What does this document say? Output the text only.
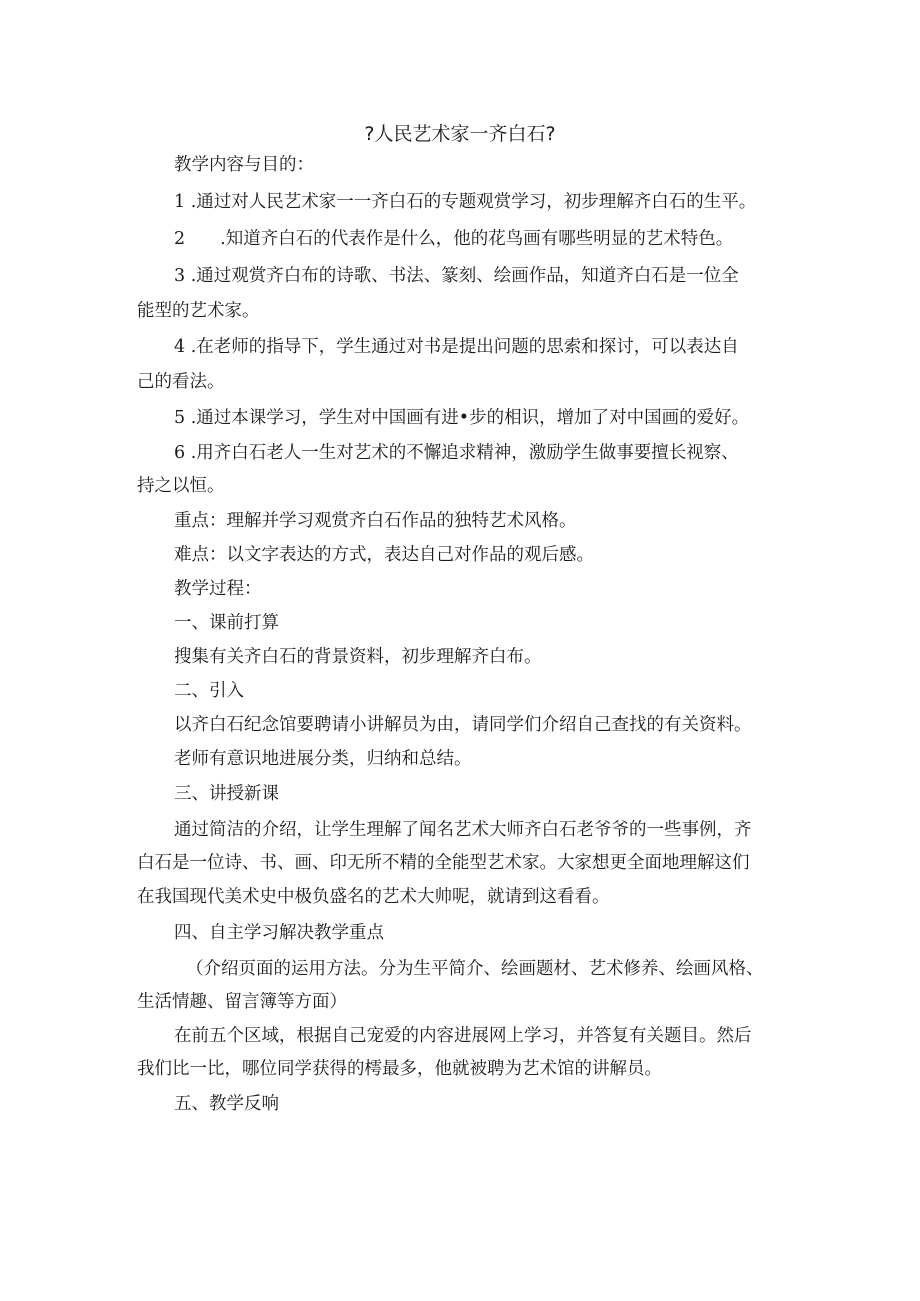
?人民艺术家一齐白石?
教学内容与目的：
1 .通过对人民艺术家一一齐白石的专题观赏学习，初步理解齐白石的生平。
2　　.知道齐白石的代表作是什么，他的花鸟画有哪些明显的艺术特色。
3 .通过观赏齐白布的诗歌、书法、篆刻、绘画作品，知道齐白石是一位全
能型的艺术家。
4 .在老师的指导下，学生通过对书是提出问题的思索和探讨，可以表达自
己的看法。
5 .通过本课学习，学生对中国画有进•步的相识，增加了对中国画的爱好。
6 .用齐白石老人一生对艺术的不懈追求精神，激励学生做事要擅长视察、
持之以恒。
重点：理解并学习观赏齐白石作品的独特艺术风格。
难点：以文字表达的方式，表达自己对作品的观后感。
教学过程：
一、课前打算
搜集有关齐白石的背景资料，初步理解齐白布。
二、引入
以齐白石纪念馆要聘请小讲解员为由，请同学们介绍自己查找的有关资料。
老师有意识地进展分类，归纳和总结。
三、讲授新课
通过简洁的介绍，让学生理解了闻名艺术大师齐白石老爷爷的一些事例，齐
白石是一位诗、书、画、印无所不精的全能型艺术家。大家想更全面地理解这们
在我国现代美术史中极负盛名的艺术大帅呢，就请到这看看。
四、自主学习解决教学重点
（介绍页面的运用方法。分为生平简介、绘画题材、艺术修养、绘画风格、
生活情趣、留言簿等方面）
在前五个区域，根据自己宠爱的内容进展网上学习，并答复有关题目。然后
我们比一比，哪位同学获得的樗最多，他就被聘为艺术馆的讲解员。
五、教学反响
